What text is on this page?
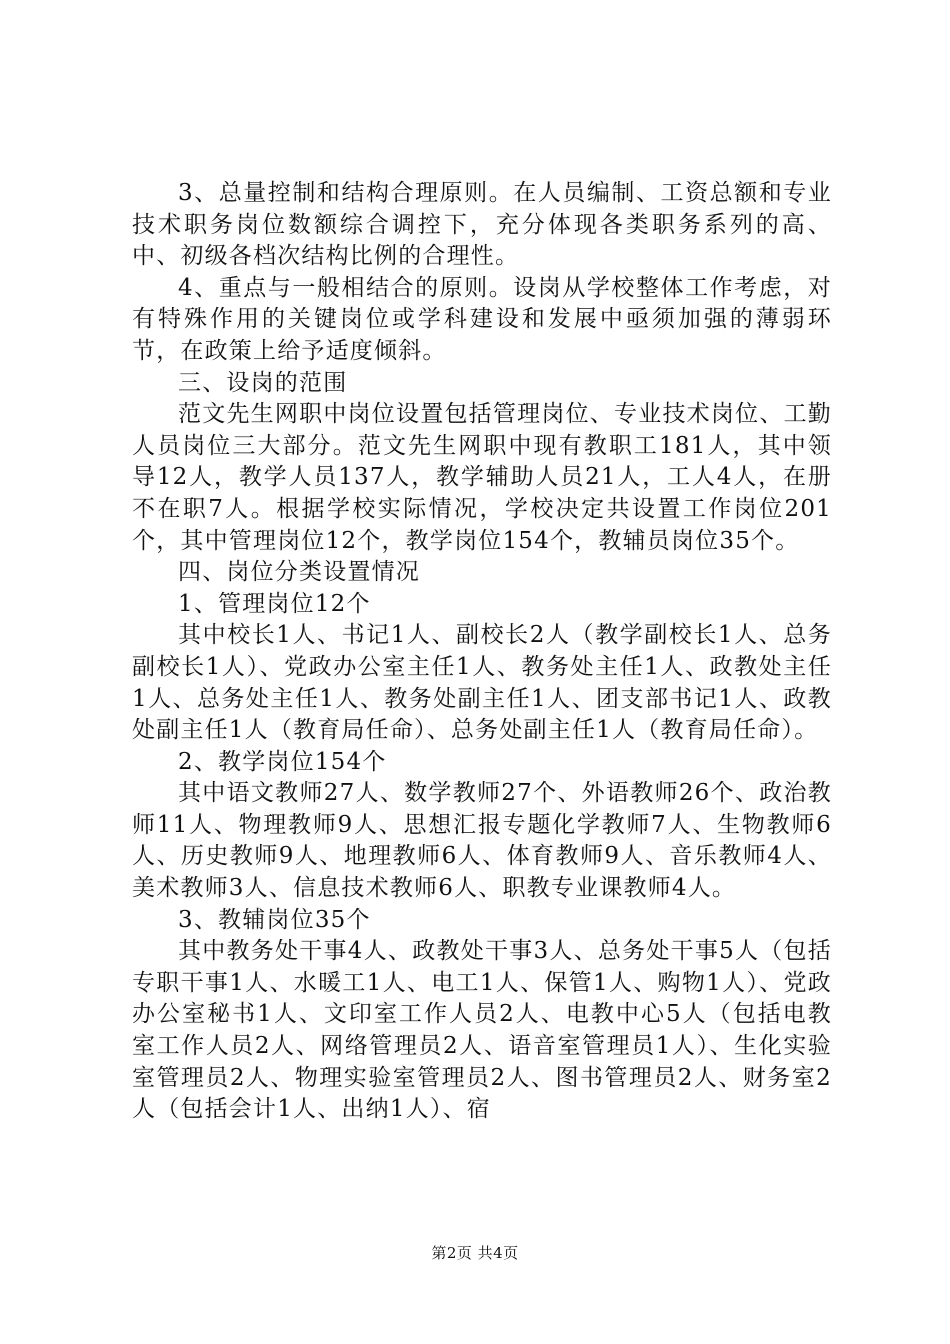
3、总量控制和结构合理原则。在人员编制、工资总额和专业技术职务岗位数额综合调控下，充分体现各类职务系列的高、中、初级各档次结构比例的合理性。

4、重点与一般相结合的原则。设岗从学校整体工作考虑，对有特殊作用的关键岗位或学科建设和发展中亟须加强的薄弱环节，在政策上给予适度倾斜。

三、设岗的范围

范文先生网职中岗位设置包括管理岗位、专业技术岗位、工勤人员岗位三大部分。范文先生网职中现有教职工181人，其中领导12人，教学人员137人，教学辅助人员21人，工人4人，在册不在职7人。根据学校实际情况，学校决定共设置工作岗位201个，其中管理岗位12个，教学岗位154个，教辅员岗位35个。

四、岗位分类设置情况

1、管理岗位12个

其中校长1人、书记1人、副校长2人（教学副校长1人、总务副校长1人）、党政办公室主任1人、教务处主任1人、政教处主任1人、总务处主任1人、教务处副主任1人、团支部书记1人、政教处副主任1人（教育局任命）、总务处副主任1人（教育局任命）。

2、教学岗位154个

其中语文教师27人、数学教师27个、外语教师26个、政治教师11人、物理教师9人、思想汇报专题化学教师7人、生物教师6人、历史教师9人、地理教师6人、体育教师9人、音乐教师4人、美术教师3人、信息技术教师6人、职教专业课教师4人。

3、教辅岗位35个

其中教务处干事4人、政教处干事3人、总务处干事5人（包括专职干事1人、水暖工1人、电工1人、保管1人、购物1人）、党政办公室秘书1人、文印室工作人员2人、电教中心5人（包括电教室工作人员2人、网络管理员2人、语音室管理员1人）、生化实验室管理员2人、物理实验室管理员2人、图书管理员2人、财务室2人（包括会计1人、出纳1人）、宿

第2页 共4页
